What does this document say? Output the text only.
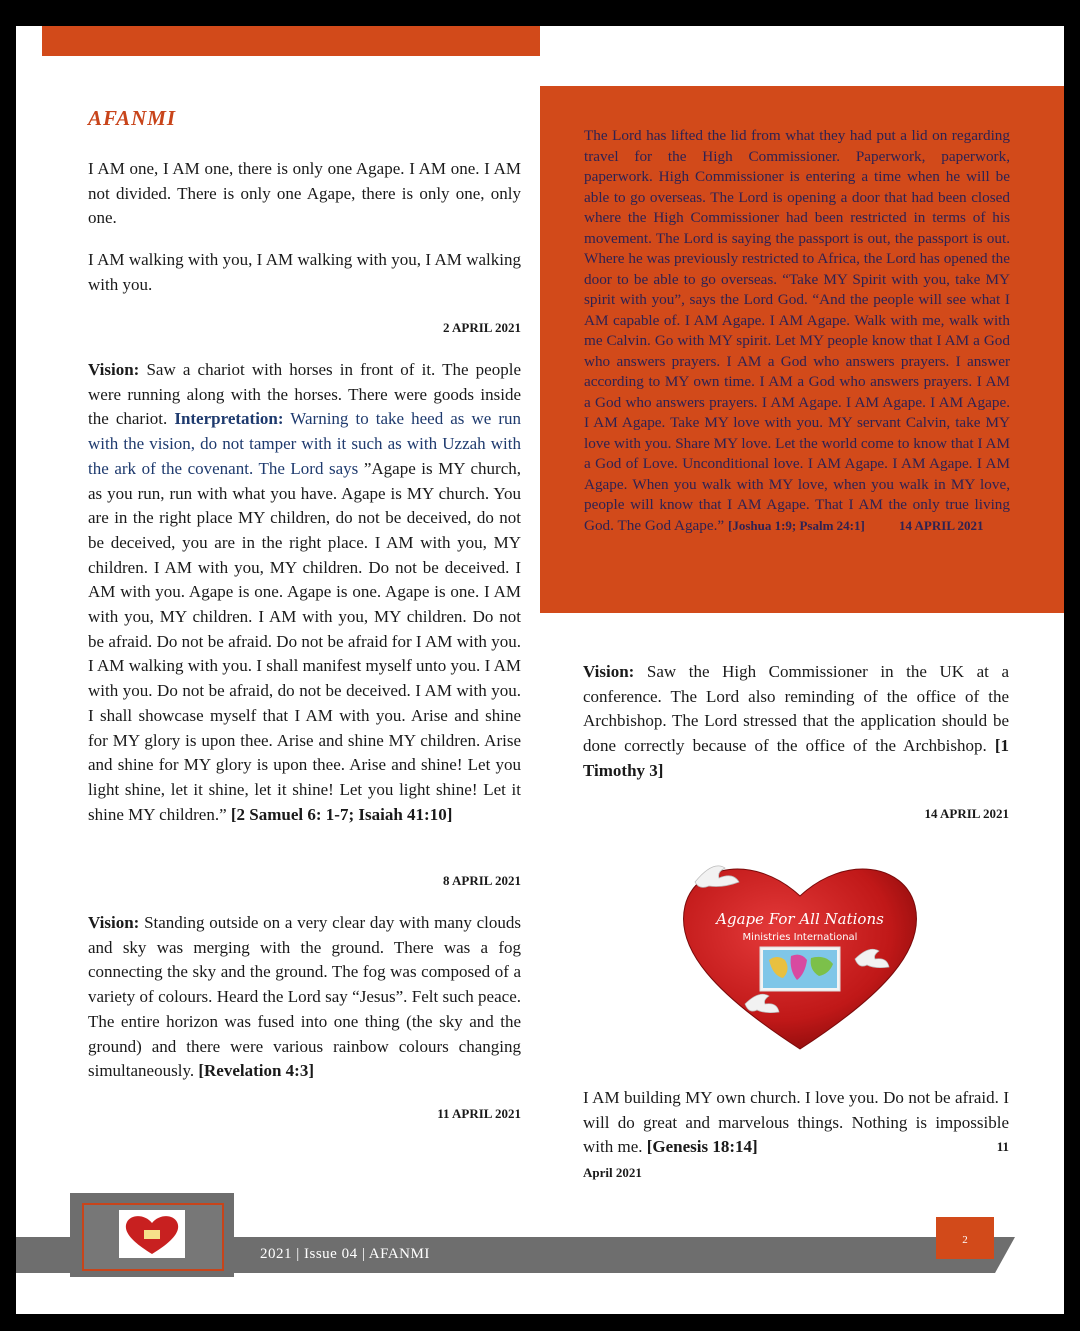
AFANMI

I AM one, I AM one, there is only one Agape. I AM one. I AM not divided. There is only one Agape, there is only one, only one.

I AM walking with you, I AM walking with you, I AM walking with you.

2 APRIL 2021

Vision: Saw a chariot with horses in front of it. The people were running along with the horses. There were goods inside the chariot. Interpretation: Warning to take heed as we run with the vision, do not tamper with it such as with Uzzah with the ark of the covenant. The Lord says ”Agape is MY church, as you run, run with what you have. Agape is MY church. You are in the right place MY children, do not be deceived, do not be deceived, you are in the right place. I AM with you, MY children. I AM with you, MY children. Do not be deceived. I AM with you. Agape is one. Agape is one. Agape is one. I AM with you, MY children. I AM with you, MY children. Do not be afraid. Do not be afraid. Do not be afraid for I AM with you. I AM walking with you. I shall manifest myself unto you. I AM with you. Do not be afraid, do not be deceived. I AM with you. I shall showcase myself that I AM with you. Arise and shine for MY glory is upon thee. Arise and shine MY children. Arise and shine for MY glory is upon thee. Arise and shine! Let you light shine, let it shine, let it shine! Let you light shine! Let it shine MY children.” [2 Samuel 6: 1-7; Isaiah 41:10]

8 APRIL 2021

Vision: Standing outside on a very clear day with many clouds and sky was merging with the ground. There was a fog connecting the sky and the ground. The fog was composed of a variety of colours. Heard the Lord say “Jesus”. Felt such peace. The entire horizon was fused into one thing (the sky and the ground) and there were various rainbow colours changing simultaneously. [Revelation 4:3]

11 APRIL 2021

The Lord has lifted the lid from what they had put a lid on regarding travel for the High Commissioner. Paperwork, paperwork, paperwork. High Commissioner is entering a time when he will be able to go overseas. The Lord is opening a door that had been closed where the High Commissioner had been restricted in terms of his movement. The Lord is saying the passport is out, the passport is out. Where he was previously restricted to Africa, the Lord has opened the door to be able to go overseas. “Take MY Spirit with you, take MY spirit with you”, says the Lord God. “And the people will see what I AM capable of. I AM Agape. I AM Agape. Walk with me, walk with me Calvin. Go with MY spirit. Let MY people know that I AM a God who answers prayers. I AM a God who answers prayers. I answer according to MY own time. I AM a God who answers prayers. I AM a God who answers prayers. I AM Agape. I AM Agape. I AM Agape. I AM Agape. Take MY love with you. MY servant Calvin, take MY love with you. Share MY love. Let the world come to know that I AM a God of Love. Unconditional love. I AM Agape. I AM Agape. I AM Agape. When you walk with MY love, when you walk in MY love, people will know that I AM Agape. That I AM the only true living God. The God Agape.” [Joshua 1:9; Psalm 24:1]	14 APRIL 2021

Vision: Saw the High Commissioner in the UK at a conference. The Lord also reminding of the office of the Archbishop. The Lord stressed that the application should be done correctly because of the office of the Archbishop. [1 Timothy 3]

14 APRIL 2021

Agape For All Nations
Ministries International

I AM building MY own church. I love you. Do not be afraid. I will do great and marvelous things. Nothing is impossible with me. [Genesis 18:14]	11

April 2021

2021 | Issue 04 | AFANMI
2
